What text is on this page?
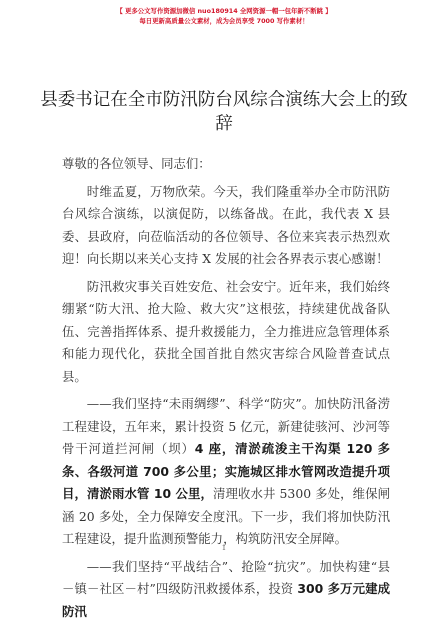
【 更多公文写作资源加微信 nuo180914 全网资源一帽一包年新不断跳 】
每日更新高质量公文素材，成为会员享受 7000 写作素材！
县委书记在全市防汛防台风综合演练大会上的致辞

尊敬的各位领导、同志们：

时维孟夏，万物欣荣。今天，我们隆重举办全市防汛防台风综合演练，以演促防，以练备战。在此，我代表 X 县委、县政府，向莅临活动的各位领导、各位来宾表示热烈欢迎！向长期以来关心支持 X 发展的社会各界表示衷心感谢！

防汛救灾事关百姓安危、社会安宁。近年来，我们始终绷紧“防大汛、抢大险、救大灾”这根弦，持续建优战备队伍、完善指挥体系、提升救援能力，全力推进应急管理体系和能力现代化，获批全国首批自然灾害综合风险普查试点县。

——我们坚持“未雨绸缪”、科学“防灾”。加快防汛备涝工程建设，五年来，累计投资 5 亿元，新建徒骇河、沙河等骨干河道拦河闸（坝）4 座，清淤疏浚主干沟渠 120 多条、各级河道 700 多公里；实施城区排水管网改造提升项目，清淤雨水管 10 公里，清理收水井 5300 多处，维保闸涵 20 多处，全力保障安全度汛。下一步，我们将加快防汛工程建设，提升监测预警能力，构筑防汛安全屏障。

——我们坚持“平战结合”、抢险“抗灾”。加快构建“县－镇－社区－村”四级防汛救援体系，投资 300 多万元建成防汛

1
